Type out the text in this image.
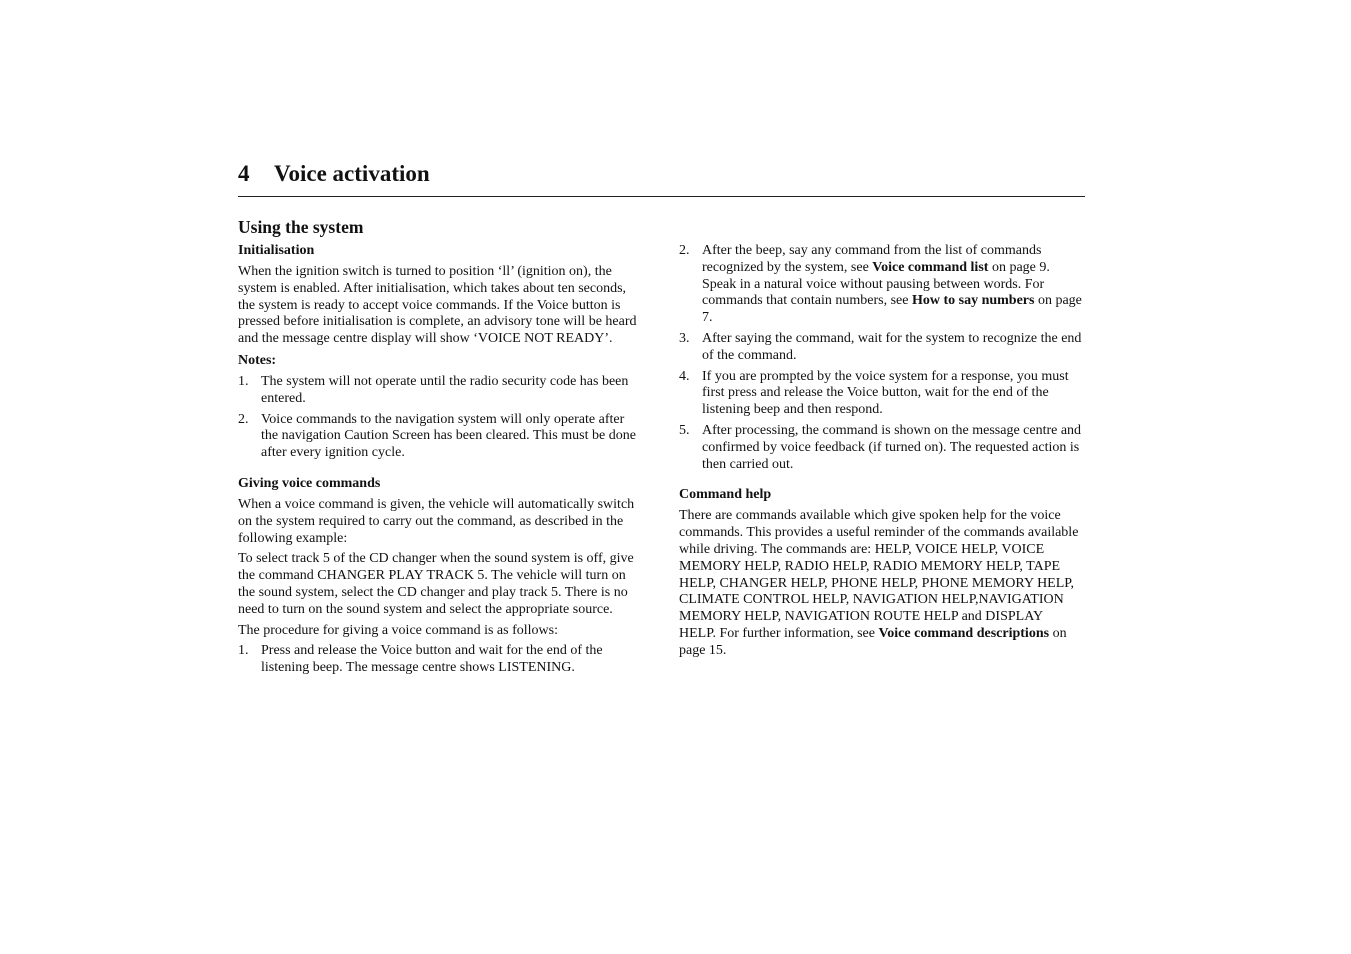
4 Voice activation
Using the system
Initialisation

When the ignition switch is turned to position ‘ll’ (ignition on), the system is enabled. After initialisation, which takes about ten seconds, the system is ready to accept voice commands. If the Voice button is pressed before initialisation is complete, an advisory tone will be heard and the message centre display will show ‘VOICE NOT READY’.

Notes:
1. The system will not operate until the radio security code has been entered.
2. Voice commands to the navigation system will only operate after the navigation Caution Screen has been cleared. This must be done after every ignition cycle.
Giving voice commands

When a voice command is given, the vehicle will automatically switch on the system required to carry out the command, as described in the following example:

To select track 5 of the CD changer when the sound system is off, give the command CHANGER PLAY TRACK 5. The vehicle will turn on the sound system, select the CD changer and play track 5. There is no need to turn on the sound system and select the appropriate source.

The procedure for giving a voice command is as follows:

1. Press and release the Voice button and wait for the end of the listening beep. The message centre shows LISTENING.
2. After the beep, say any command from the list of commands recognized by the system, see Voice command list on page 9. Speak in a natural voice without pausing between words. For commands that contain numbers, see How to say numbers on page 7.
3. After saying the command, wait for the system to recognize the end of the command.
4. If you are prompted by the voice system for a response, you must first press and release the Voice button, wait for the end of the listening beep and then respond.
5. After processing, the command is shown on the message centre and confirmed by voice feedback (if turned on). The requested action is then carried out.
Command help

There are commands available which give spoken help for the voice commands. This provides a useful reminder of the commands available while driving. The commands are: HELP, VOICE HELP, VOICE MEMORY HELP, RADIO HELP, RADIO MEMORY HELP, TAPE HELP, CHANGER HELP, PHONE HELP, PHONE MEMORY HELP, CLIMATE CONTROL HELP, NAVIGATION HELP,NAVIGATION MEMORY HELP, NAVIGATION ROUTE HELP and DISPLAY HELP. For further information, see Voice command descriptions on page 15.
